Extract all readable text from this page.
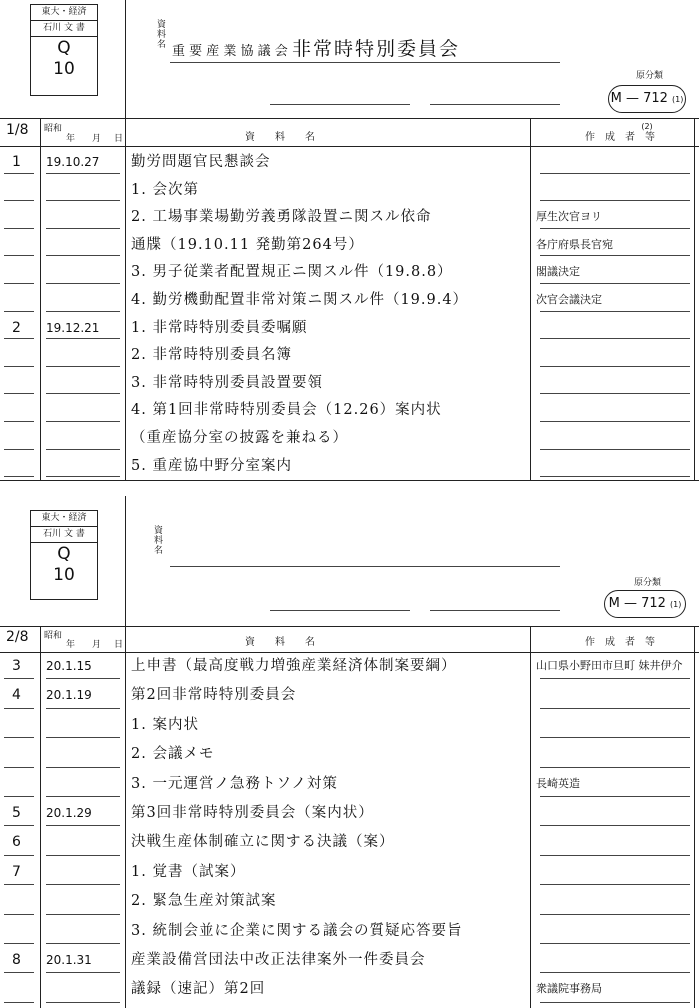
東大・経済
石川 文 書
Q
10
資料名 重 要 産 業 協 議 会 非常時特別委員会
原分類
M — 712 (1)(2)
1/8 昭和
年 月 日	資　　料　　名	作　成　者　等
1 19.10.27 勤労問題官民懇談会
1. 会次第
2. 工場事業場勤労義勇隊設置ニ関スル依命	厚生次官ヨリ
通牒（19.10.11 発勤第264号）	各庁府県長官宛
3. 男子従業者配置規正ニ関スル件（19.8.8）	閣議決定
4. 勤労機動配置非常対策ニ関スル件（19.9.4）	次官会議決定
2 19.12.21 1. 非常時特別委員委嘱願
2. 非常時特別委員名簿
3. 非常時特別委員設置要領
4. 第1回非常時特別委員会（12.26）案内状
（重産協分室の披露を兼ねる）
5. 重産協中野分室案内
東大・経済
石川 文 書
Q
10
資料名
原分類
M — 712 (1)
2/8 昭和
年 月 日	資　　料　　名	作　成　者　等
3 20.1.15	上申書（最高度戦力増強産業経済体制案要綱）	山口県小野田市旦町 妹井伊介
4 20.1.19	第2回非常時特別委員会
1. 案内状
2. 会議メモ
3. 一元運営ノ急務トソノ対策	長崎英造
5 20.1.29	第3回非常時特別委員会（案内状）
6	決戦生産体制確立に関する決議（案）
7	1. 覚書（試案）
2. 緊急生産対策試案
3. 統制会並に企業に関する議会の質疑応答要旨
8 20.1.31	産業設備営団法中改正法律案外一件委員会
議録（速記）第2回	衆議院事務局
